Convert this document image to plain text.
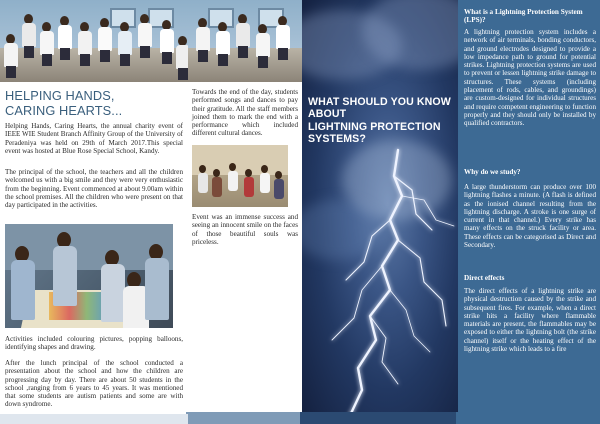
HELPING HANDS,
CARING HEARTS...

Helping Hands, Caring Hearts, the annual charity event of IEEE WIE Student Branch Affinity Group of the University of Peradeniya was held on 29th of March 2017.This special event was hosted at Blue Rose Special School, Kandy.

The principal of the school, the teachers and all the children welcomed us with a big smile and they were very enthusiastic from the beginning. Event commenced at about 9.00am within the school premises. All the children who were present on that day participated in the activities.

Activities included colouring pictures, popping balloons, identifying shapes and drawing.

After the lunch principal of the school conducted a presentation about the school and how the children are progressing day by day. There are about 50 students in the school ,ranging from 6 years to 45 years. It was mentioned that some students are autism patients and some are with down syndrome.

Towards the end of the day, students performed songs and dances to pay their gratitude. All the staff members joined them to mark the end with a performance which included different cultural dances.

Event was an immense success and seeing an innocent smile on the faces of those beautiful souls was priceless.

WHAT SHOULD YOU KNOW
ABOUT
LIGHTNING PROTECTION
SYSTEMS?
What is a Lightning Protection System (LPS)?

A lightning protection system includes a network of air terminals, bonding conductors, and ground electrodes designed to provide a low impedance path to ground for potential strikes. Lightning protection systems are used to prevent or lessen lightning strike damage to structures. These systems (including placement of rods, cables, and groundings) are custom-designed for individual structures and require competent engineering to function properly and they should only be installed by qualified contractors.

Why do we study?

A large thunderstorm can produce over 100 lightning flashes a minute. (A flash is defined as the ionised channel resulting from the lightning discharge. A stroke is one surge of current in that channel.) Every strike has many effects on the struck facility or area. These effects can be categorised as Direct and Secondary.

Direct effects

The direct effects of a lightning strike are physical destruction caused by the strike and subsequent fires. For example, when a direct strike hits a facility where flammable materials are present, the flammables may be exposed to either the lightning bolt (the strike channel) itself or the heating effect of the lightning strike which leads to a fire
